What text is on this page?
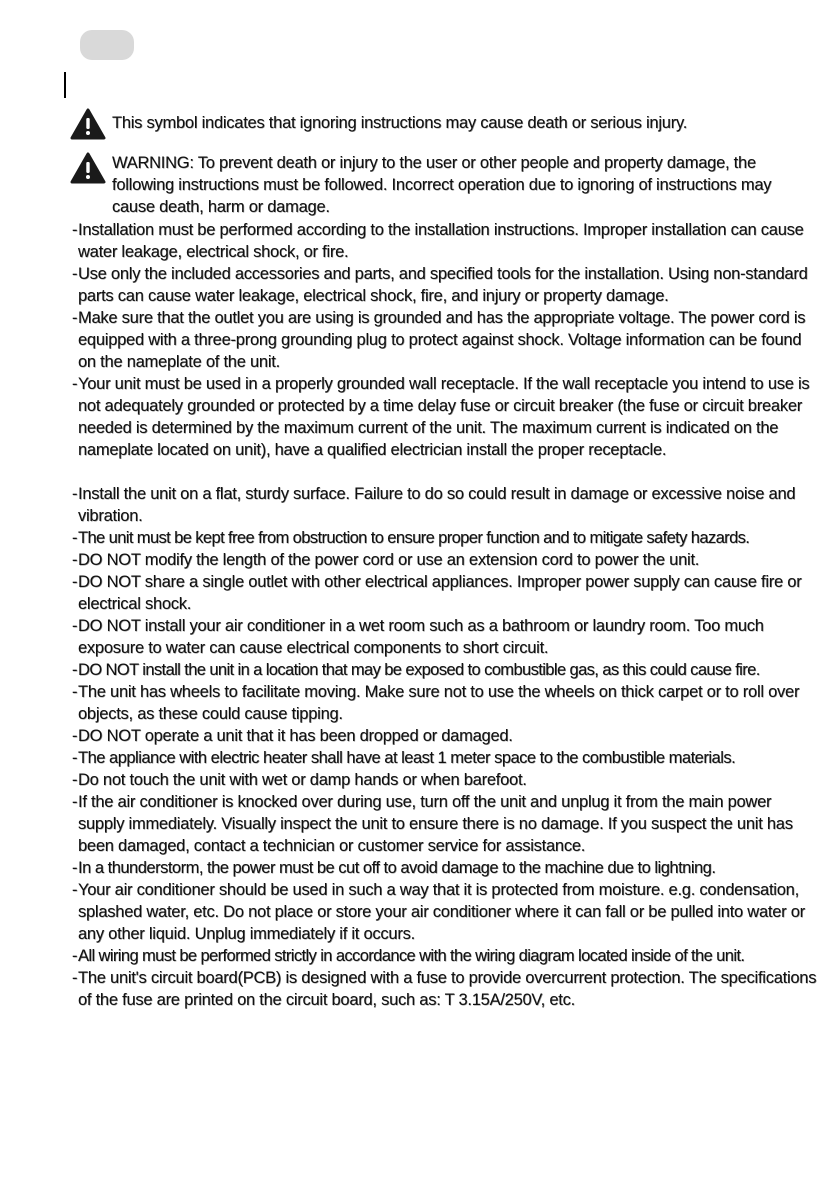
This symbol indicates that ignoring instructions may cause death or serious injury.
WARNING: To prevent death or injury to the user or other people and property damage, the following instructions must be followed. Incorrect operation due to ignoring of instructions may cause death, harm or damage.
- Installation must be performed according to the installation instructions. Improper installation can cause water leakage, electrical shock, or fire.
- Use only the included accessories and parts, and specified tools for the installation. Using non-standard parts can cause water leakage, electrical shock, fire, and injury or property damage.
- Make sure that the outlet you are using is grounded and has the appropriate voltage. The power cord is equipped with a three-prong grounding plug to protect against shock. Voltage information can be found on the nameplate of the unit.
- Your unit must be used in a properly grounded wall receptacle. If the wall receptacle you intend to use is not adequately grounded or protected by a time delay fuse or circuit breaker (the fuse or circuit breaker needed is determined by the maximum current of the unit. The maximum current is indicated on the nameplate located on unit), have a qualified electrician install the proper receptacle.
- Install the unit on a flat, sturdy surface. Failure to do so could result in damage or excessive noise and vibration.
- The unit must be kept free from obstruction to ensure proper function and to mitigate safety hazards.
- DO NOT modify the length of the power cord or use an extension cord to power the unit.
- DO NOT share a single outlet with other electrical appliances. Improper power supply can cause fire or electrical shock.
- DO NOT install your air conditioner in a wet room such as a bathroom or laundry room. Too much exposure to water can cause electrical components to short circuit.
- DO NOT install the unit in a location that may be exposed to combustible gas, as this could cause fire.
- The unit has wheels to facilitate moving. Make sure not to use the wheels on thick carpet or to roll over objects, as these could cause tipping.
- DO NOT operate a unit that it has been dropped or damaged.
- The appliance with electric heater shall have at least 1 meter space to the combustible materials.
- Do not touch the unit with wet or damp hands or when barefoot.
- If the air conditioner is knocked over during use, turn off the unit and unplug it from the main power supply immediately. Visually inspect the unit to ensure there is no damage. If you suspect the unit has been damaged, contact a technician or customer service for assistance.
- In a thunderstorm, the power must be cut off to avoid damage to the machine due to lightning.
- Your air conditioner should be used in such a way that it is protected from moisture. e.g. condensation, splashed water, etc. Do not place or store your air conditioner where it can fall or be pulled into water or any other liquid. Unplug immediately if it occurs.
- All wiring must be performed strictly in accordance with the wiring diagram located inside of the unit.
- The unit's circuit board(PCB) is designed with a fuse to provide overcurrent protection. The specifications of the fuse are printed on the circuit board, such as: T 3.15A/250V, etc.
